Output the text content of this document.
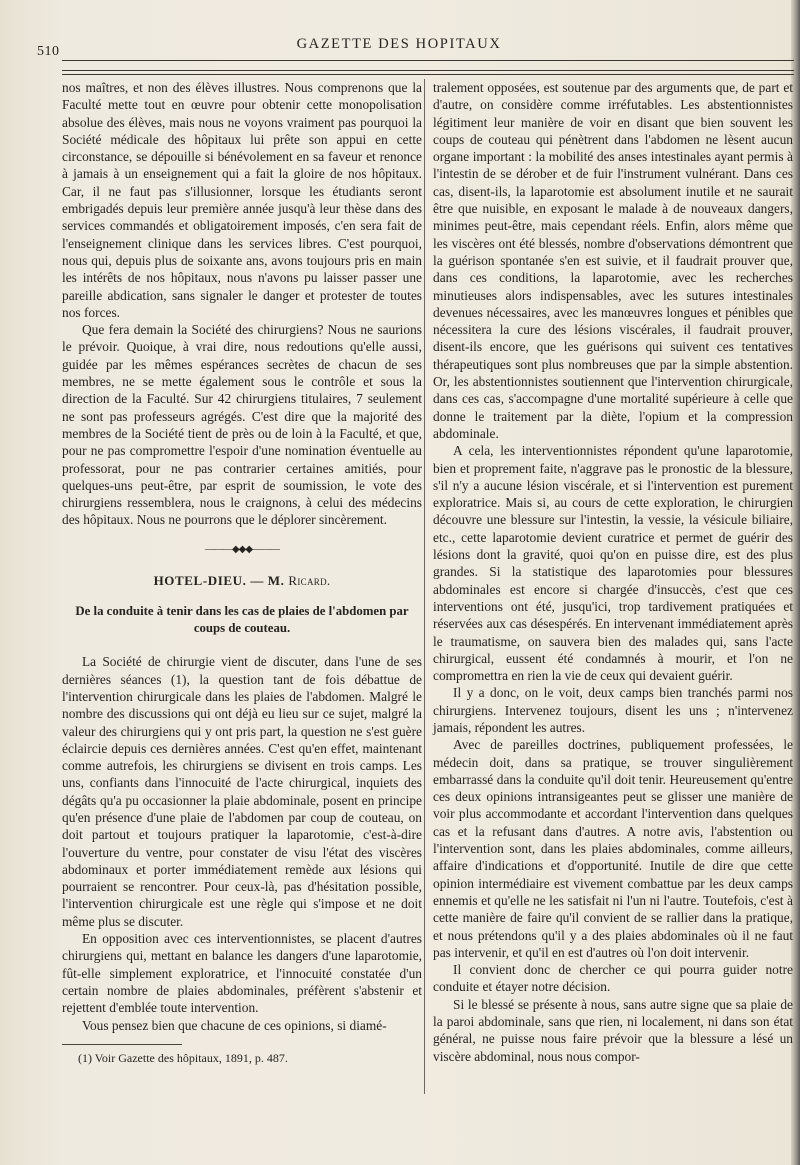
510	GAZETTE DES HOPITAUX

nos maîtres, et non des élèves illustres. Nous comprenons que la Faculté mette tout en œuvre pour obtenir cette monopolisation absolue des élèves, mais nous ne voyons vraiment pas pourquoi la Société médicale des hôpitaux lui prête son appui en cette circonstance, se dépouille si bénévolement en sa faveur et renonce à jamais à un enseignement qui a fait la gloire de nos hôpitaux. Car, il ne faut pas s'illusionner, lorsque les étudiants seront embrigadés depuis leur première année jusqu'à leur thèse dans des services commandés et obligatoirement imposés, c'en sera fait de l'enseignement clinique dans les services libres. C'est pourquoi, nous qui, depuis plus de soixante ans, avons toujours pris en main les intérêts de nos hôpitaux, nous n'avons pu laisser passer une pareille abdication, sans signaler le danger et protester de toutes nos forces.

Que fera demain la Société des chirurgiens? Nous ne saurions le prévoir. Quoique, à vrai dire, nous redoutions qu'elle aussi, guidée par les mêmes espérances secrètes de chacun de ses membres, ne se mette également sous le contrôle et sous la direction de la Faculté. Sur 42 chirurgiens titulaires, 7 seulement ne sont pas professeurs agrégés. C'est dire que la majorité des membres de la Société tient de près ou de loin à la Faculté, et que, pour ne pas compromettre l'espoir d'une nomination éventuelle au professorat, pour ne pas contrarier certaines amitiés, pour quelques-uns peut-être, par esprit de soumission, le vote des chirurgiens ressemblera, nous le craignons, à celui des médecins des hôpitaux. Nous ne pourrons que le déplorer sincèrement.

———◆◆◆———
HOTEL-DIEU. — M. Ricard.
De la conduite à tenir dans les cas de plaies de l'abdomen par coups de couteau.

La Société de chirurgie vient de discuter, dans l'une de ses dernières séances (1), la question tant de fois débattue de l'intervention chirurgicale dans les plaies de l'abdomen. Malgré le nombre des discussions qui ont déjà eu lieu sur ce sujet, malgré la valeur des chirurgiens qui y ont pris part, la question ne s'est guère éclaircie depuis ces dernières années. C'est qu'en effet, maintenant comme autrefois, les chirurgiens se divisent en trois camps. Les uns, confiants dans l'innocuité de l'acte chirurgical, inquiets des dégâts qu'a pu occasionner la plaie abdominale, posent en principe qu'en présence d'une plaie de l'abdomen par coup de couteau, on doit partout et toujours pratiquer la laparotomie, c'est-à-dire l'ouverture du ventre, pour constater de visu l'état des viscères abdominaux et porter immédiatement remède aux lésions qui pourraient se rencontrer. Pour ceux-là, pas d'hésitation possible, l'intervention chirurgicale est une règle qui s'impose et ne doit même plus se discuter.

En opposition avec ces interventionnistes, se placent d'autres chirurgiens qui, mettant en balance les dangers d'une laparotomie, fût-elle simplement exploratrice, et l'innocuité constatée d'un certain nombre de plaies abdominales, préfèrent s'abstenir et rejettent d'emblée toute intervention.

Vous pensez bien que chacune de ces opinions, si diamé-

(1) Voir Gazette des hôpitaux, 1891, p. 487.

tralement opposées, est soutenue par des arguments que, de part et d'autre, on considère comme irréfutables. Les abstentionnistes légitiment leur manière de voir en disant que bien souvent les coups de couteau qui pénètrent dans l'abdomen ne lèsent aucun organe important : la mobilité des anses intestinales ayant permis à l'intestin de se dérober et de fuir l'instrument vulnérant. Dans ces cas, disent-ils, la laparotomie est absolument inutile et ne saurait être que nuisible, en exposant le malade à de nouveaux dangers, minimes peut-être, mais cependant réels. Enfin, alors même que les viscères ont été blessés, nombre d'observations démontrent que la guérison spontanée s'en est suivie, et il faudrait prouver que, dans ces conditions, la laparotomie, avec les recherches minutieuses alors indispensables, avec les sutures intestinales devenues nécessaires, avec les manœuvres longues et pénibles que nécessitera la cure des lésions viscérales, il faudrait prouver, disent-ils encore, que les guérisons qui suivent ces tentatives thérapeutiques sont plus nombreuses que par la simple abstention. Or, les abstentionnistes soutiennent que l'intervention chirurgicale, dans ces cas, s'accompagne d'une mortalité supérieure à celle que donne le traitement par la diète, l'opium et la compression abdominale.

A cela, les interventionnistes répondent qu'une laparotomie, bien et proprement faite, n'aggrave pas le pronostic de la blessure, s'il n'y a aucune lésion viscérale, et si l'intervention est purement exploratrice. Mais si, au cours de cette exploration, le chirurgien découvre une blessure sur l'intestin, la vessie, la vésicule biliaire, etc., cette laparotomie devient curatrice et permet de guérir des lésions dont la gravité, quoi qu'on en puisse dire, est des plus grandes. Si la statistique des laparotomies pour blessures abdominales est encore si chargée d'insuccès, c'est que ces interventions ont été, jusqu'ici, trop tardivement pratiquées et réservées aux cas désespérés. En intervenant immédiatement après le traumatisme, on sauvera bien des malades qui, sans l'acte chirurgical, eussent été condamnés à mourir, et l'on ne compromettra en rien la vie de ceux qui devaient guérir.

Il y a donc, on le voit, deux camps bien tranchés parmi nos chirurgiens. Intervenez toujours, disent les uns ; n'intervenez jamais, répondent les autres.

Avec de pareilles doctrines, publiquement professées, le médecin doit, dans sa pratique, se trouver singulièrement embarrassé dans la conduite qu'il doit tenir. Heureusement qu'entre ces deux opinions intransigeantes peut se glisser une manière de voir plus accommodante et accordant l'intervention dans quelques cas et la refusant dans d'autres. A notre avis, l'abstention ou l'intervention sont, dans les plaies abdominales, comme ailleurs, affaire d'indications et d'opportunité. Inutile de dire que cette opinion intermédiaire est vivement combattue par les deux camps ennemis et qu'elle ne les satisfait ni l'un ni l'autre. Toutefois, c'est à cette manière de faire qu'il convient de se rallier dans la pratique, et nous prétendons qu'il y a des plaies abdominales où il ne faut pas intervenir, et qu'il en est d'autres où l'on doit intervenir.

Il convient donc de chercher ce qui pourra guider notre conduite et étayer notre décision.

Si le blessé se présente à nous, sans autre signe que sa plaie de la paroi abdominale, sans que rien, ni localement, ni dans son état général, ne puisse nous faire prévoir que la blessure a lésé un viscère abdominal, nous nous compor-
